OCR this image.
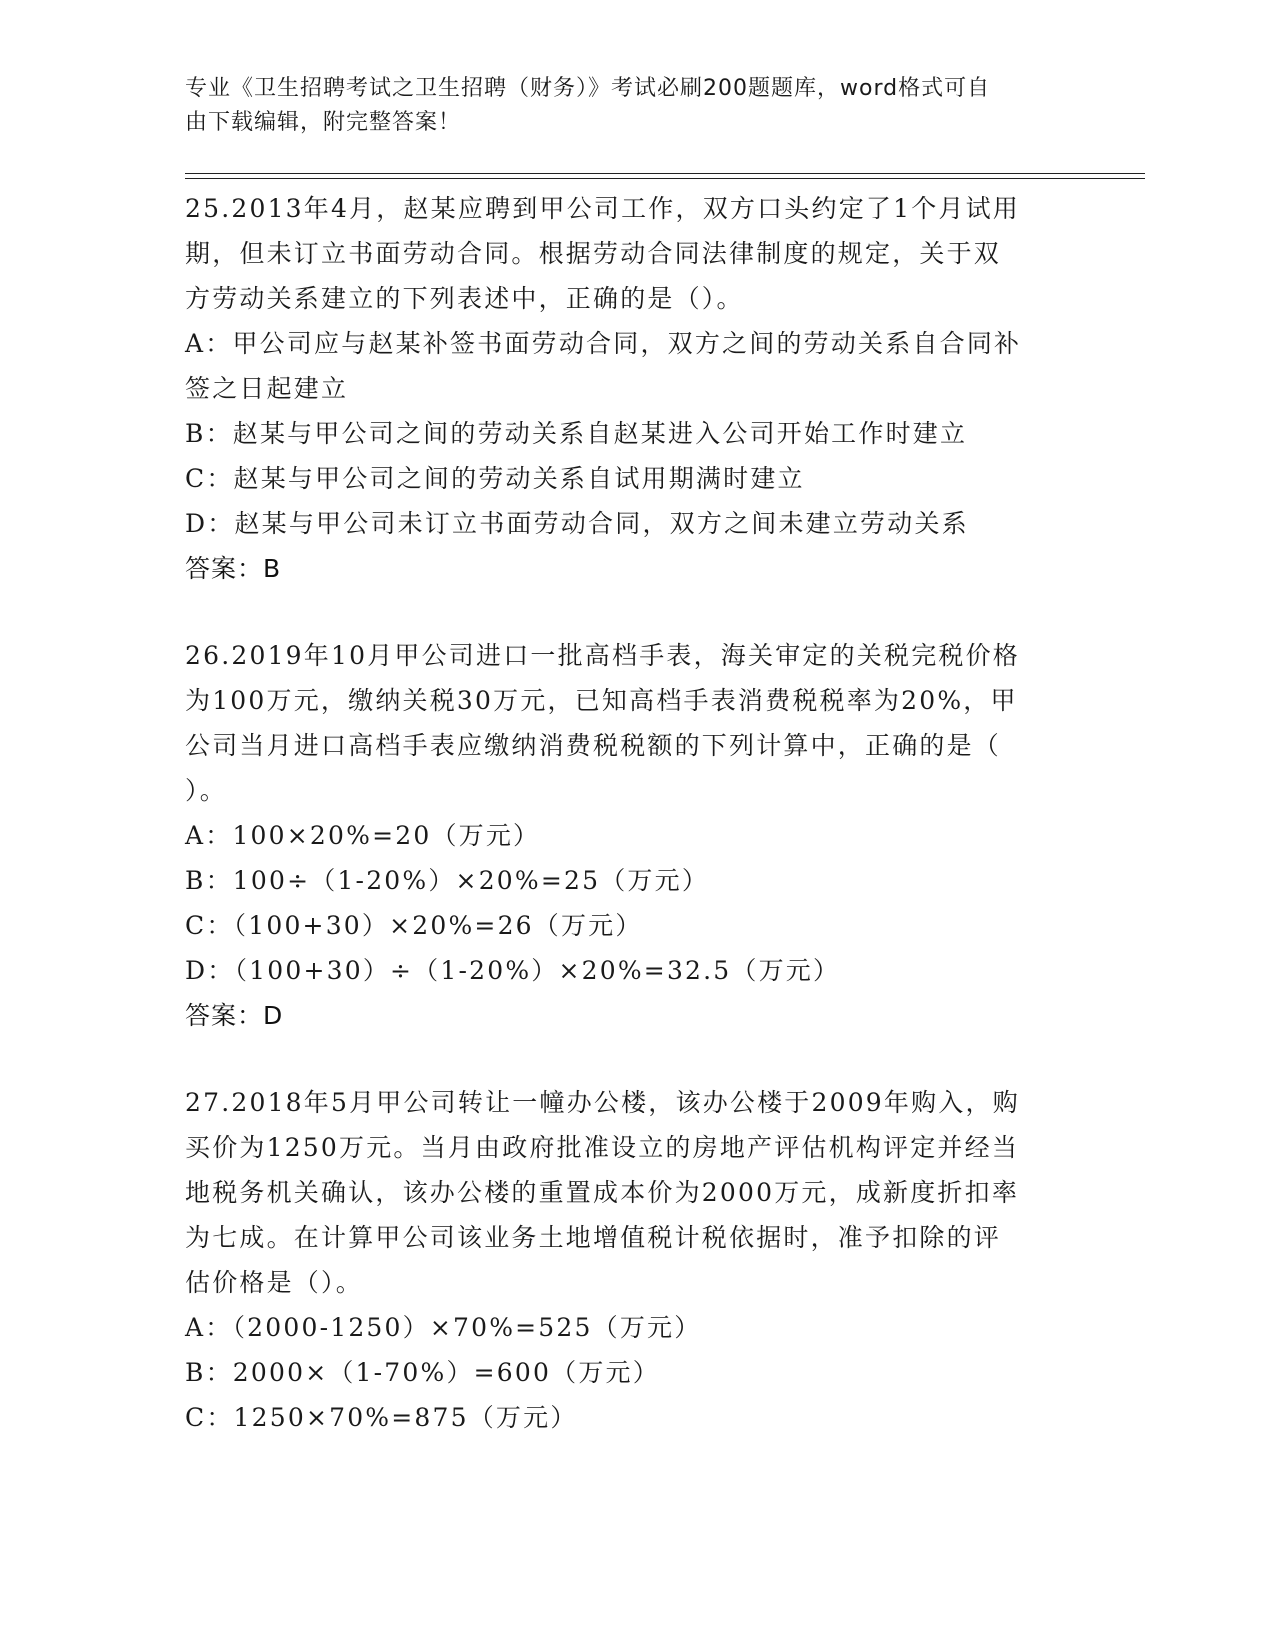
专业《卫生招聘考试之卫生招聘（财务）》考试必刷200题题库，word格式可自
由下载编辑，附完整答案！

25.2013年4月，赵某应聘到甲公司工作，双方口头约定了1个月试用

期，但未订立书面劳动合同。根据劳动合同法律制度的规定，关于双

方劳动关系建立的下列表述中，正确的是（）。

A：甲公司应与赵某补签书面劳动合同，双方之间的劳动关系自合同补

签之日起建立

B：赵某与甲公司之间的劳动关系自赵某进入公司开始工作时建立

C：赵某与甲公司之间的劳动关系自试用期满时建立

D：赵某与甲公司未订立书面劳动合同，双方之间未建立劳动关系

答案：B

26.2019年10月甲公司进口一批高档手表，海关审定的关税完税价格

为100万元，缴纳关税30万元，已知高档手表消费税税率为20%，甲

公司当月进口高档手表应缴纳消费税税额的下列计算中，正确的是（

）。

A：100×20%=20（万元）

B：100÷（1-20%）×20%=25（万元）

C：（100+30）×20%=26（万元）

D：（100+30）÷（1-20%）×20%=32.5（万元）

答案：D

27.2018年5月甲公司转让一幢办公楼，该办公楼于2009年购入，购

买价为1250万元。当月由政府批准设立的房地产评估机构评定并经当

地税务机关确认，该办公楼的重置成本价为2000万元，成新度折扣率

为七成。在计算甲公司该业务土地增值税计税依据时，准予扣除的评

估价格是（）。

A：（2000-1250）×70%=525（万元）

B：2000×（1-70%）=600（万元）

C：1250×70%=875（万元）
